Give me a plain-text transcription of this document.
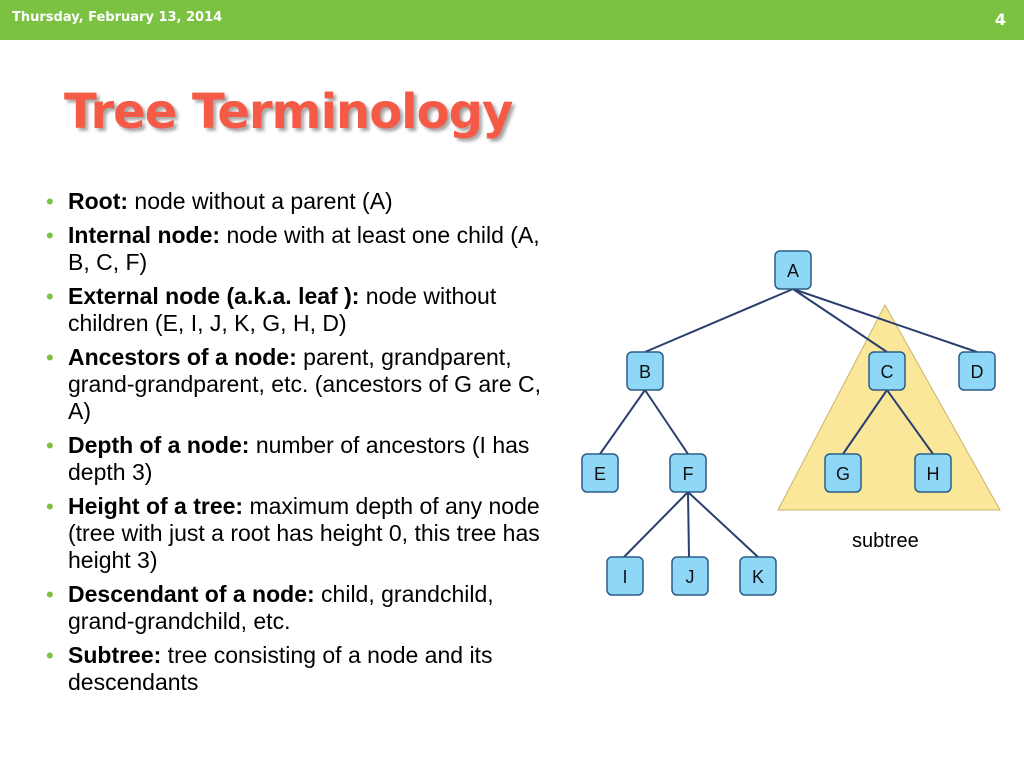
Thursday, February 13, 2014	4
Tree Terminology
• Root: node without a parent (A)
• Internal node: node with at least one child (A, B, C, F)
• External node (a.k.a. leaf ): node without children (E, I, J, K, G, H, D)
• Ancestors of a node: parent, grandparent, grand-grandparent, etc. (ancestors of G are C, A)
• Depth of a node: number of ancestors (I has depth 3)
• Height of a tree: maximum depth of any node (tree with just a root has height 0, this tree has height 3)
• Descendant of a node: child, grandchild, grand-grandchild, etc.
• Subtree: tree consisting of a node and its descendants
subtree
A
B	C	D
E	F	G	H
I	J	K
